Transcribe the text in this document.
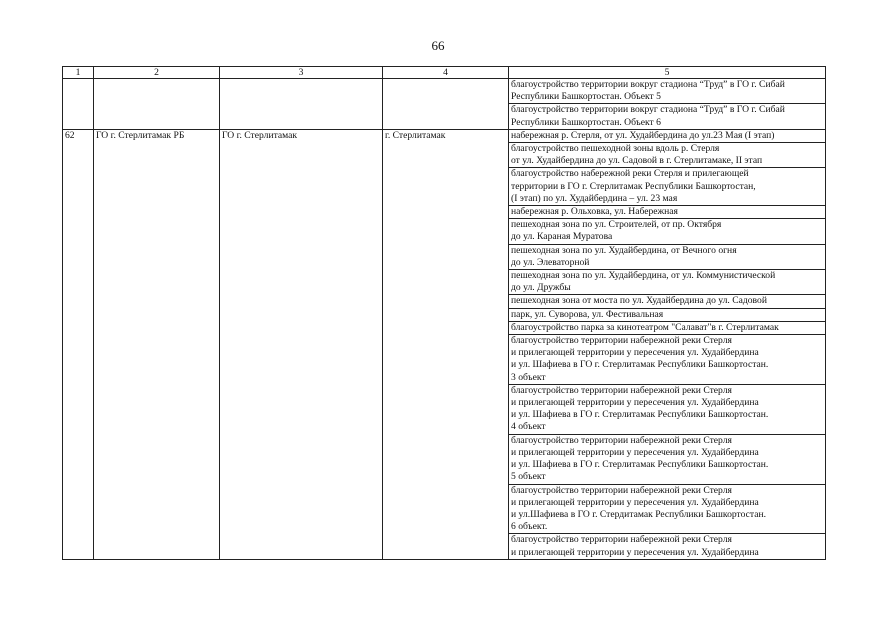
66
1	2	3	4	5
				благоустройство территории вокруг стадиона “Труд” в ГО г. Сибай
Республики Башкортостан. Объект 5
				благоустройство территории вокруг стадиона “Труд” в ГО г. Сибай
Республики Башкортостан. Объект 6
62	ГО г. Стерлитамак РБ	ГО г. Стерлитамак	г. Стерлитамак	набережная р. Стерля, от ул. Худайбердина до ул.23 Мая (I этап)
				благоустройство пешеходной зоны вдоль р. Стерля
от ул. Худайбердина до ул. Садовой в г. Стерлитамаке, II этап
				благоустройство набережной реки Стерля и прилегающей
территории в ГО г. Стерлитамак Республики Башкортостан,
(I этап) по ул. Худайбердина – ул. 23 мая
				набережная р. Ольховка, ул. Набережная
				пешеходная зона по ул. Строителей, от пр. Октября
до ул. Караная Муратова
				пешеходная зона по ул. Худайбердина, от Вечного огня
до ул. Элеваторной
				пешеходная зона по ул. Худайбердина, от ул. Коммунистической
до ул. Дружбы
				пешеходная зона от моста по ул. Худайбердина до ул. Садовой
				парк, ул. Суворова, ул. Фестивальная
				благоустройство парка за кинотеатром "Салават"в г. Стерлитамак
				благоустройство территории набережной реки Стерля
и прилегающей территории у пересечения ул. Худайбердина
и ул. Шафиева в ГО г. Стерлитамак Республики Башкортостан.
3 объект
				благоустройство территории набережной реки Стерля
и прилегающей территории у пересечения ул. Худайбердина
и ул. Шафиева в ГО г. Стерлитамак Республики Башкортостан.
4 объект
				благоустройство территории набережной реки Стерля
и прилегающей территории у пересечения ул. Худайбердина
и ул. Шафиева в ГО г. Стерлитамак Республики Башкортостан.
5 объект
				благоустройство территории набережной реки Стерля
и прилегающей территории у пересечения ул. Худайбердина
и ул.Шафиева в ГО г. Стердитамак Республики Башкортостан.
6 объект.
				благоустройство территории набережной реки Стерля
и прилегающей территории у пересечения ул. Худайбердина
